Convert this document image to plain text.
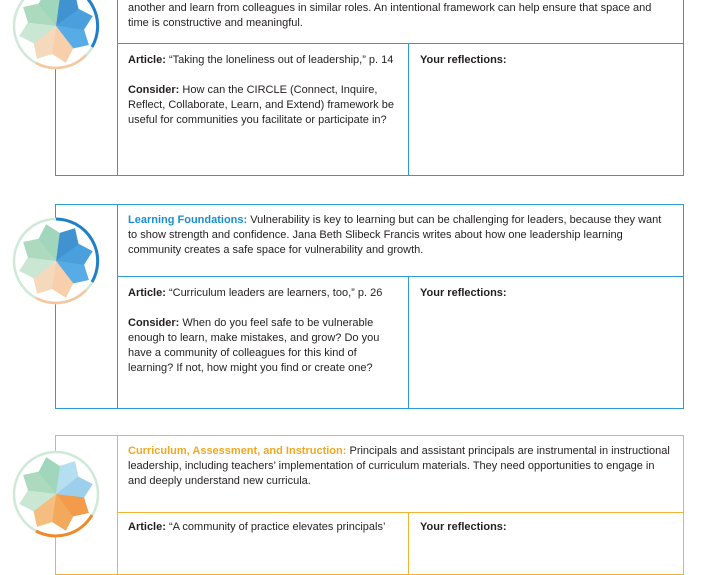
another and learn from colleagues in similar roles. An intentional framework can help ensure that space and time is constructive and meaningful.

Article: “Taking the loneliness out of leadership,” p. 14

Consider: How can the CIRCLE (Connect, Inquire, Reflect, Collaborate, Learn, and Extend) framework be useful for communities you facilitate or participate in?

Your reflections:
Learning Foundations: Vulnerability is key to learning but can be challenging for leaders, because they want to show strength and confidence. Jana Beth Slibeck Francis writes about how one leadership learning community creates a safe space for vulnerability and growth.

Article: “Curriculum leaders are learners, too,” p. 26

Consider: When do you feel safe to be vulnerable enough to learn, make mistakes, and grow? Do you have a community of colleagues for this kind of learning? If not, how might you find or create one?

Your reflections:
Curriculum, Assessment, and Instruction: Principals and assistant principals are instrumental in instructional leadership, including teachers’ implementation of curriculum materials. They need opportunities to engage in and deeply understand new curricula.

Article: “A community of practice elevates principals’	Your reflections:
